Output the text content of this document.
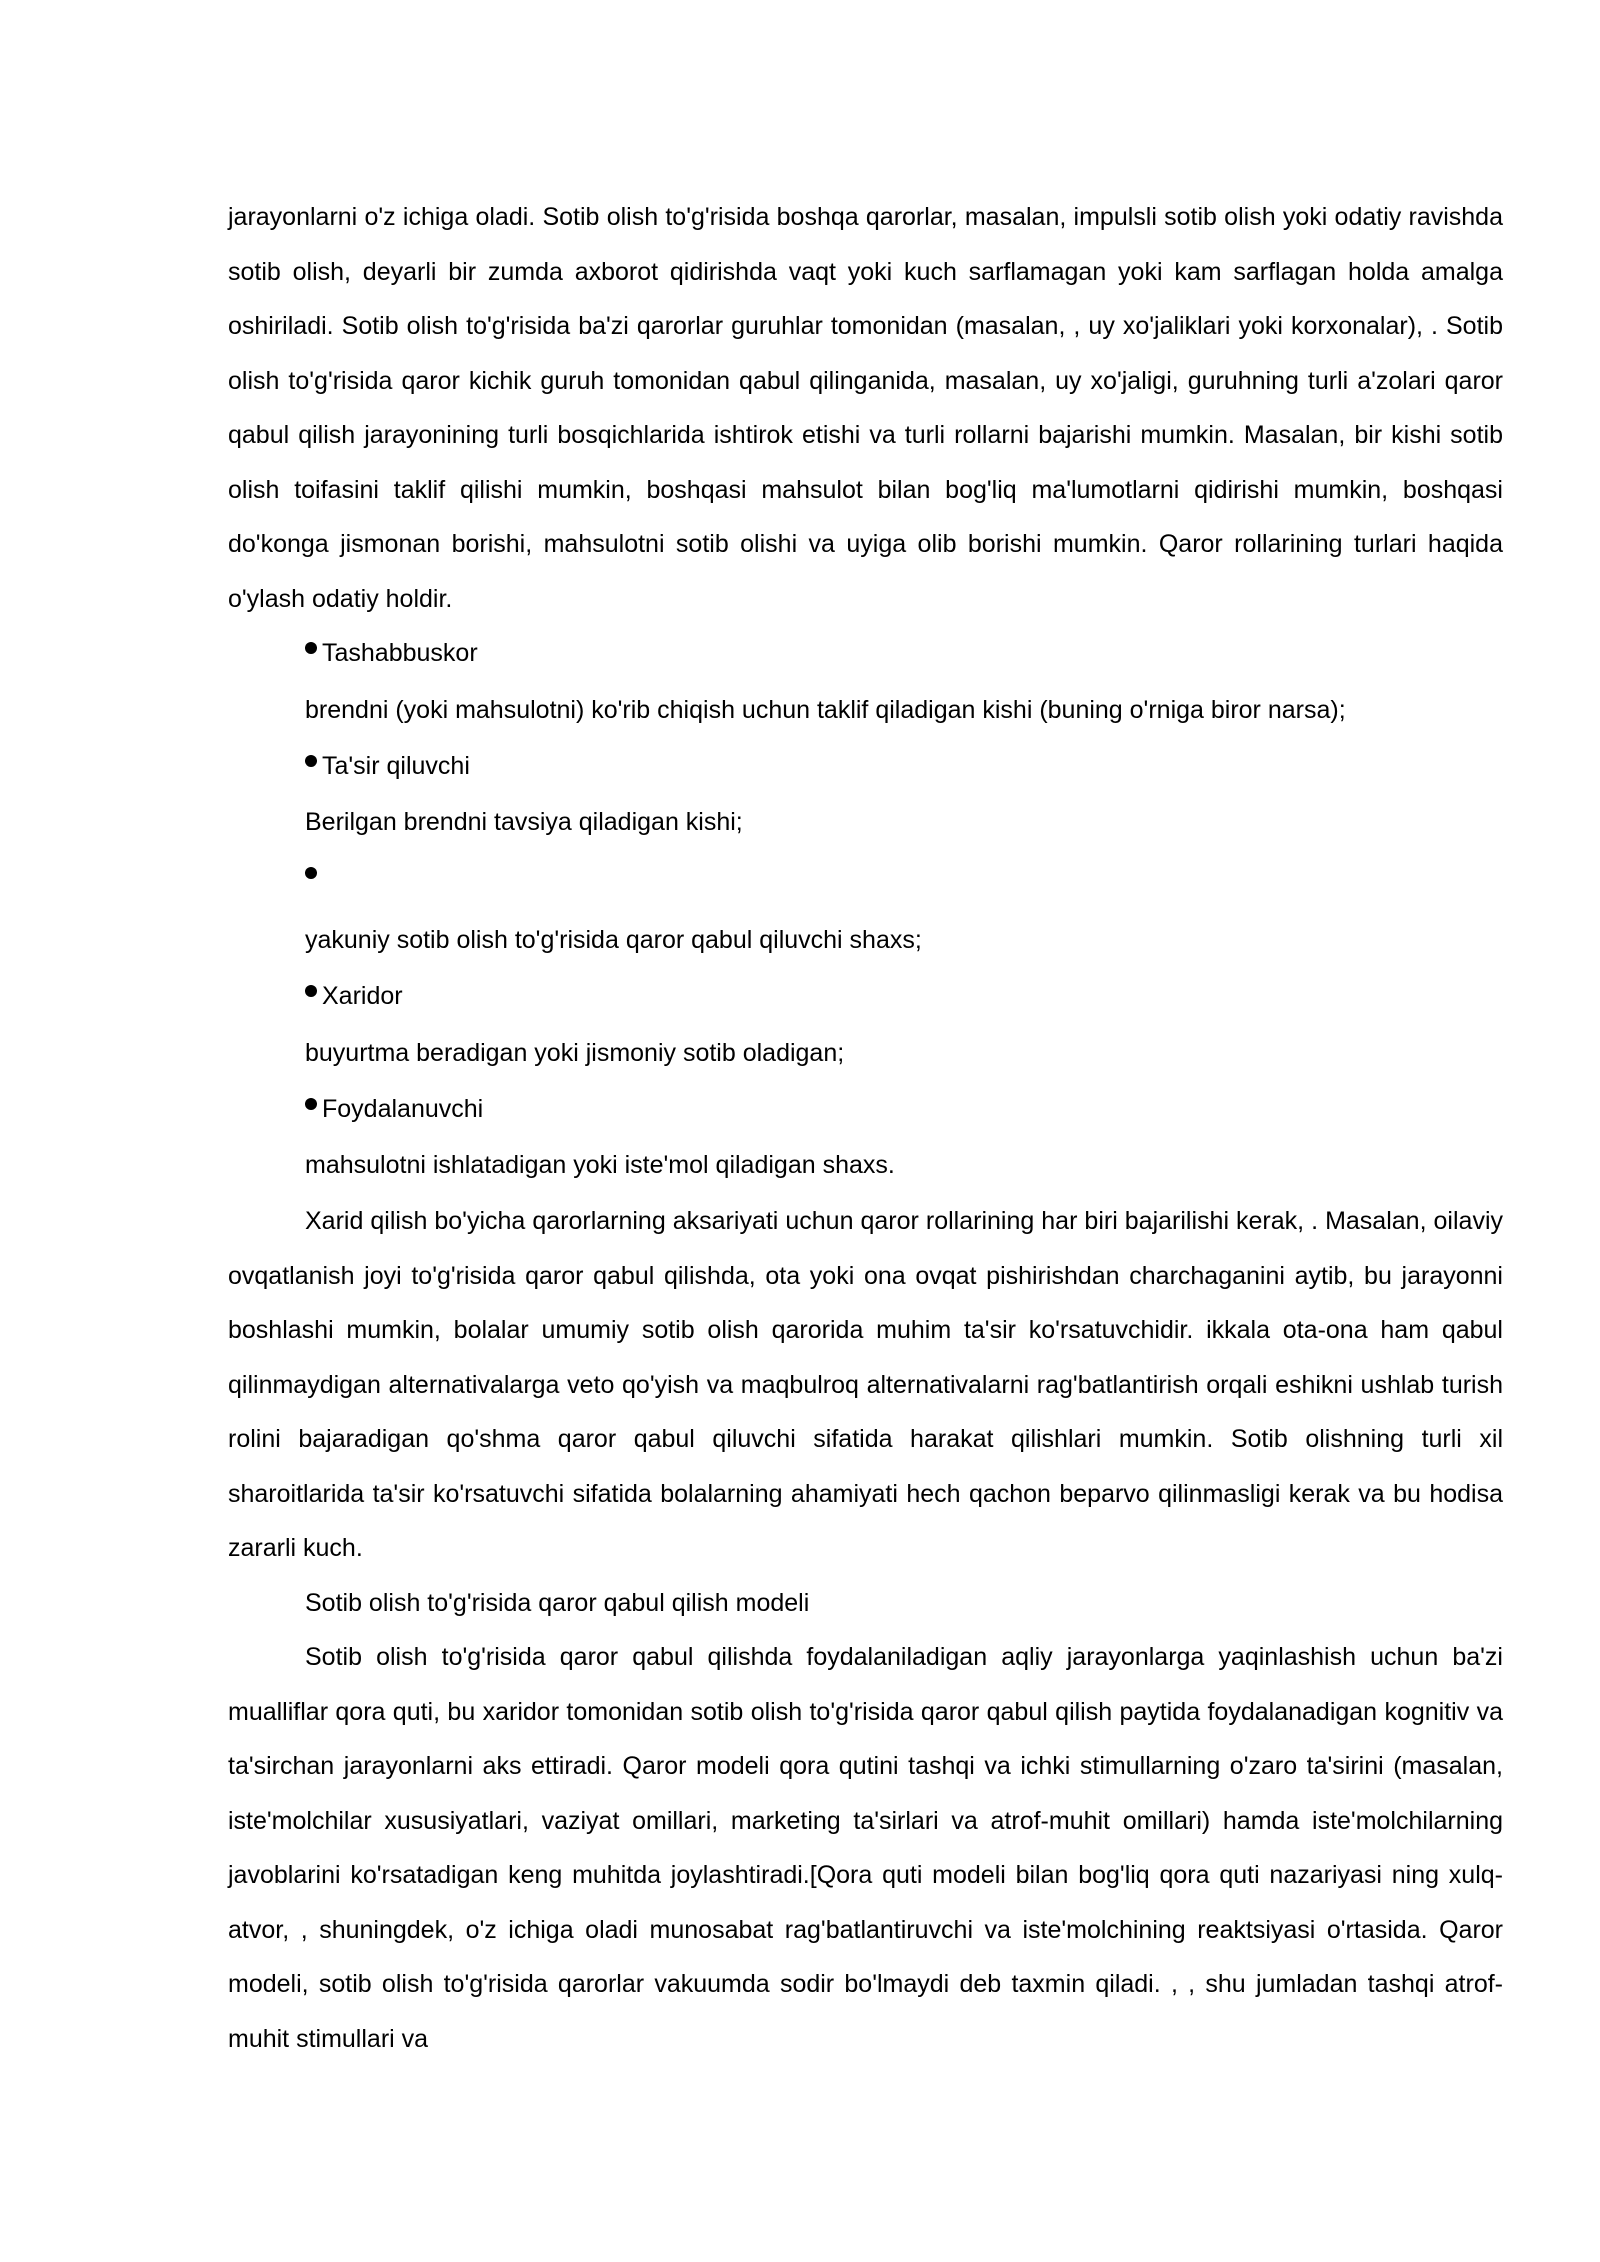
jarayonlarni o'z ichiga oladi. Sotib olish to'g'risida boshqa qarorlar, masalan, impulsli sotib olish yoki odatiy ravishda sotib olish, deyarli bir zumda axborot qidirishda vaqt yoki kuch sarflamagan yoki kam sarflagan holda amalga oshiriladi. Sotib olish to'g'risida ba'zi qarorlar guruhlar tomonidan (masalan, , uy xo'jaliklari yoki korxonalar), . Sotib olish to'g'risida qaror kichik guruh tomonidan qabul qilinganida, masalan, uy xo'jaligi, guruhning turli a'zolari qaror qabul qilish jarayonining turli bosqichlarida ishtirok etishi va turli rollarni bajarishi mumkin. Masalan, bir kishi sotib olish toifasini taklif qilishi mumkin, boshqasi mahsulot bilan bog'liq ma'lumotlarni qidirishi mumkin, boshqasi do'konga jismonan borishi, mahsulotni sotib olishi va uyiga olib borishi mumkin. Qaror rollarining turlari haqida o'ylash odatiy holdir.

Tashabbuskor

brendni (yoki mahsulotni) ko'rib chiqish uchun taklif qiladigan kishi (buning o'rniga biror narsa);

Ta'sir qiluvchi

Berilgan brendni tavsiya qiladigan kishi;

yakuniy sotib olish to'g'risida qaror qabul qiluvchi shaxs;

Xaridor

buyurtma beradigan yoki jismoniy sotib oladigan;

Foydalanuvchi

mahsulotni ishlatadigan yoki iste'mol qiladigan shaxs.

Xarid qilish bo'yicha qarorlarning aksariyati uchun qaror rollarining har biri bajarilishi kerak, . Masalan, oilaviy ovqatlanish joyi to'g'risida qaror qabul qilishda, ota yoki ona ovqat pishirishdan charchaganini aytib, bu jarayonni boshlashi mumkin, bolalar umumiy sotib olish qarorida muhim ta'sir ko'rsatuvchidir. ikkala ota-ona ham qabul qilinmaydigan alternativalarga veto qo'yish va maqbulroq alternativalarni rag'batlantirish orqali eshikni ushlab turish rolini bajaradigan qo'shma qaror qabul qiluvchi sifatida harakat qilishlari mumkin. Sotib olishning turli xil sharoitlarida ta'sir ko'rsatuvchi sifatida bolalarning ahamiyati hech qachon beparvo qilinmasligi kerak va bu hodisa zararli kuch.

Sotib olish to'g'risida qaror qabul qilish modeli

Sotib olish to'g'risida qaror qabul qilishda foydalaniladigan aqliy jarayonlarga yaqinlashish uchun ba'zi mualliflar qora quti, bu xaridor tomonidan sotib olish to'g'risida qaror qabul qilish paytida foydalanadigan kognitiv va ta'sirchan jarayonlarni aks ettiradi. Qaror modeli qora qutini tashqi va ichki stimullarning o'zaro ta'sirini (masalan, iste'molchilar xususiyatlari, vaziyat omillari, marketing ta'sirlari va atrof-muhit omillari) hamda iste'molchilarning javoblarini ko'rsatadigan keng muhitda joylashtiradi.[Qora quti modeli bilan bog'liq qora quti nazariyasi ning xulq-atvor, , shuningdek, o'z ichiga oladi munosabat rag'batlantiruvchi va iste'molchining reaktsiyasi o'rtasida. Qaror modeli, sotib olish to'g'risida qarorlar vakuumda sodir bo'lmaydi deb taxmin qiladi. , , shu jumladan tashqi atrof-muhit stimullari va
